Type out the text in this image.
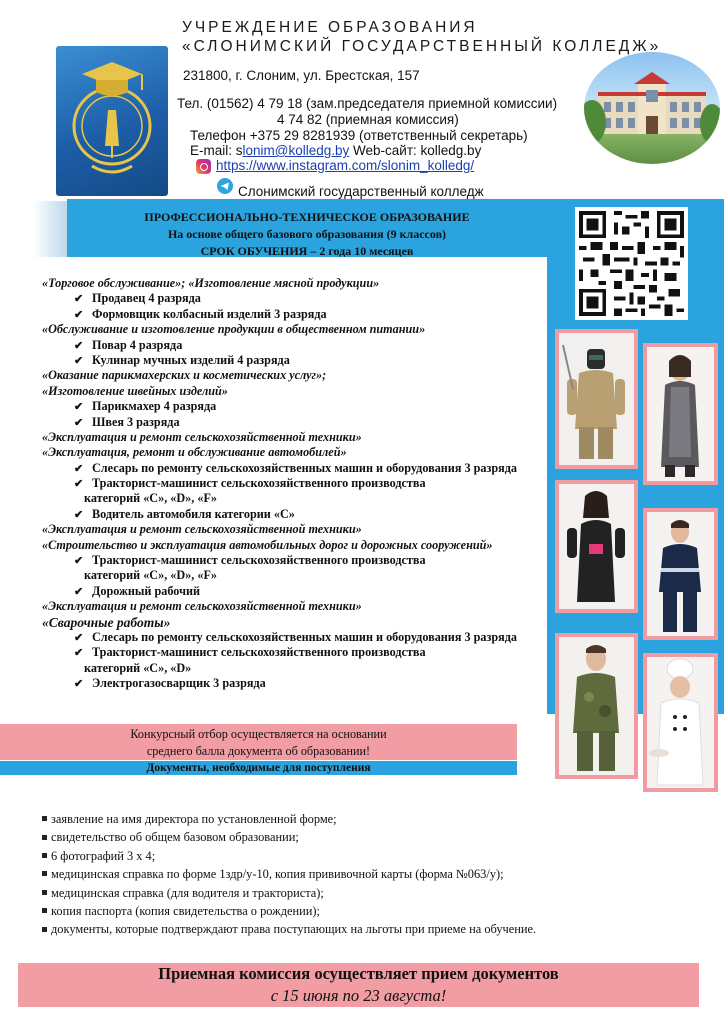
УЧРЕЖДЕНИЕ ОБРАЗОВАНИЯ
«СЛОНИМСКИЙ ГОСУДАРСТВЕННЫЙ КОЛЛЕДЖ»
231800, г. Слоним, ул. Брестская, 157
Тел. (01562) 4 79 18 (зам.председателя приемной комиссии)
4 74 82 (приемная комиссия)
Телефон +375 29 8281939 (ответственный секретарь)
E-mail: slonim@kolledg.by Web-сайт: kolledg.by
https://www.instagram.com/slonim_kolledg/
Слонимский государственный колледж
ПРОФЕССИОНАЛЬНО-ТЕХНИЧЕСКОЕ ОБРАЗОВАНИЕ
На основе общего базового образования (9 классов)
СРОК ОБУЧЕНИЯ – 2 года 10 месяцев
«Торговое обслуживание»; «Изготовление мясной продукции»
✔ Продавец 4 разряда
✔ Формовщик колбасный изделий 3 разряда
«Обслуживание и изготовление продукции в общественном питании»
✔ Повар 4 разряда
✔ Кулинар мучных изделий 4 разряда
«Оказание парикмахерских и косметических услуг»;
«Изготовление швейных изделий»
✔ Парикмахер 4 разряда
✔ Швея 3 разряда
«Эксплуатация и ремонт сельскохозяйственной техники»
«Эксплуатация, ремонт и обслуживание автомобилей»
✔ Слесарь по ремонту сельскохозяйственных машин и оборудования 3 разряда
✔ Тракторист-машинист сельскохозяйственного производства
категорий «С», «D», «F»
✔ Водитель автомобиля категории «С»
«Эксплуатация и ремонт сельскохозяйственной техники»
«Строительство и эксплуатация автомобильных дорог и дорожных сооружений»
✔ Тракторист-машинист сельскохозяйственного производства
категорий «С», «D», «F»
✔ Дорожный рабочий
«Эксплуатация и ремонт сельскохозяйственной техники»
«Сварочные работы»
✔ Слесарь по ремонту сельскохозяйственных машин и оборудования 3 разряда
✔ Тракторист-машинист сельскохозяйственного производства
категорий «С», «D»
✔ Электрогазосварщик 3 разряда
Конкурсный отбор осуществляется на основании
среднего балла документа об образовании!
Документы, необходимые для поступления
заявление на имя директора по установленной форме;
свидетельство об общем базовом образовании;
6 фотографий 3 х 4;
медицинская справка по форме 1здр/у-10, копия прививочной карты (форма №063/у);
медицинская справка (для водителя и тракториста);
копия паспорта (копия свидетельства о рождении);
документы, которые подтверждают права поступающих на льготы при приеме на обучение.
Приемная комиссия осуществляет прием документов
с 15 июня по 23 августа!
